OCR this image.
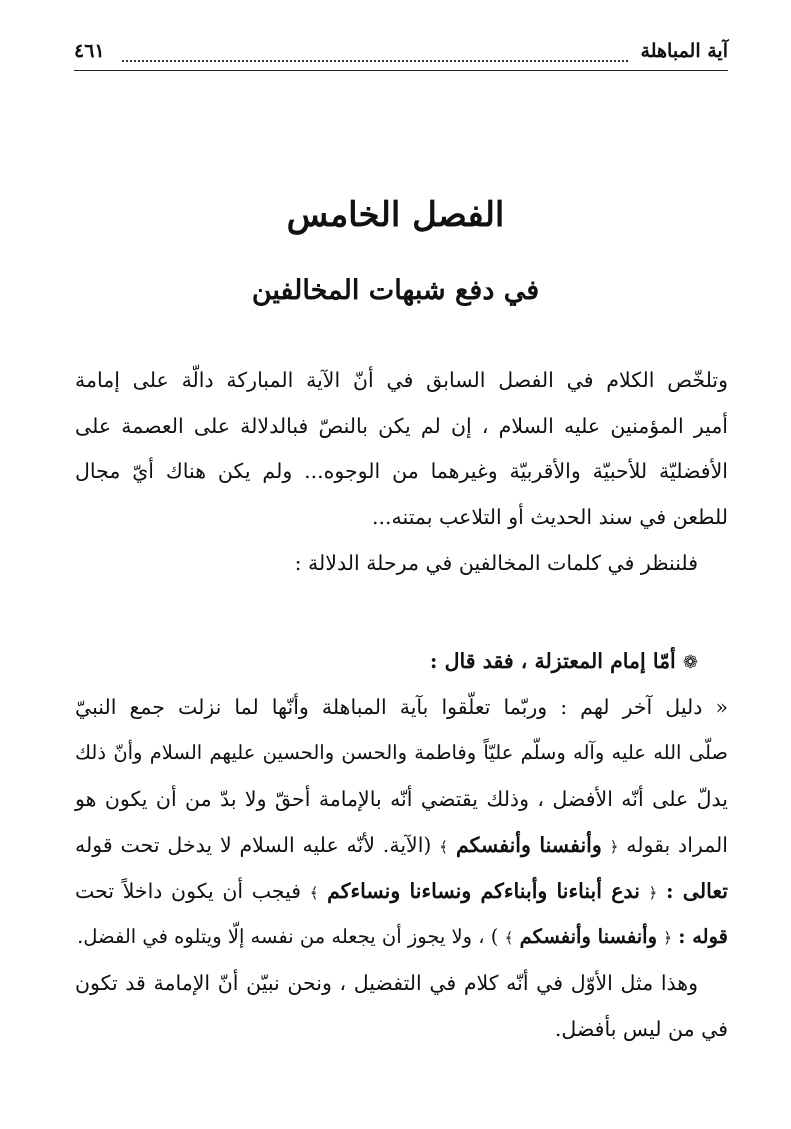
آية المباهلة
٤٦١
الفصل الخامس
في دفع شبهات المخالفين
وتلخّص الكلام في الفصل السابق في أنّ الآية المباركة دالّة على إمامة
أمير المؤمنين عليه السلام ، إن لم يكن بالنصّ فبالدلالة على العصمة على
الأفضليّة للأحبيّة والأقربيّة وغيرهما من الوجوه... ولم يكن هناك أيّ مجال
للطعن في سند الحديث أو التلاعب بمتنه...
فلننظر في كلمات المخالفين في مرحلة الدلالة :
❁ أمّا إمام المعتزلة ، فقد قال :
« دليل آخر لهم : وربّما تعلّقوا بآية المباهلة وأنّها لما نزلت جمع النبيّ
صلّى الله عليه وآله وسلّم عليّاً وفاطمة والحسن والحسين عليهم السلام وأنّ ذلك
يدلّ على أنّه الأفضل ، وذلك يقتضي أنّه بالإمامة أحقّ ولا بدّ من أن يكون هو
المراد بقوله ﴿ وأنفسنا وأنفسكم ﴾ (الآية. لأنّه عليه السلام لا يدخل تحت قوله
تعالى : ﴿ ندع أبناءنا وأبناءكم ونساءنا ونساءكم ﴾ فيجب أن يكون داخلاً تحت
قوله : ﴿ وأنفسنا وأنفسكم ﴾ ) ، ولا يجوز أن يجعله من نفسه إلّا ويتلوه في الفضل.
وهذا مثل الأوّل في أنّه كلام في التفضيل ، ونحن نبيّن أنّ الإمامة قد تكون
في من ليس بأفضل.
